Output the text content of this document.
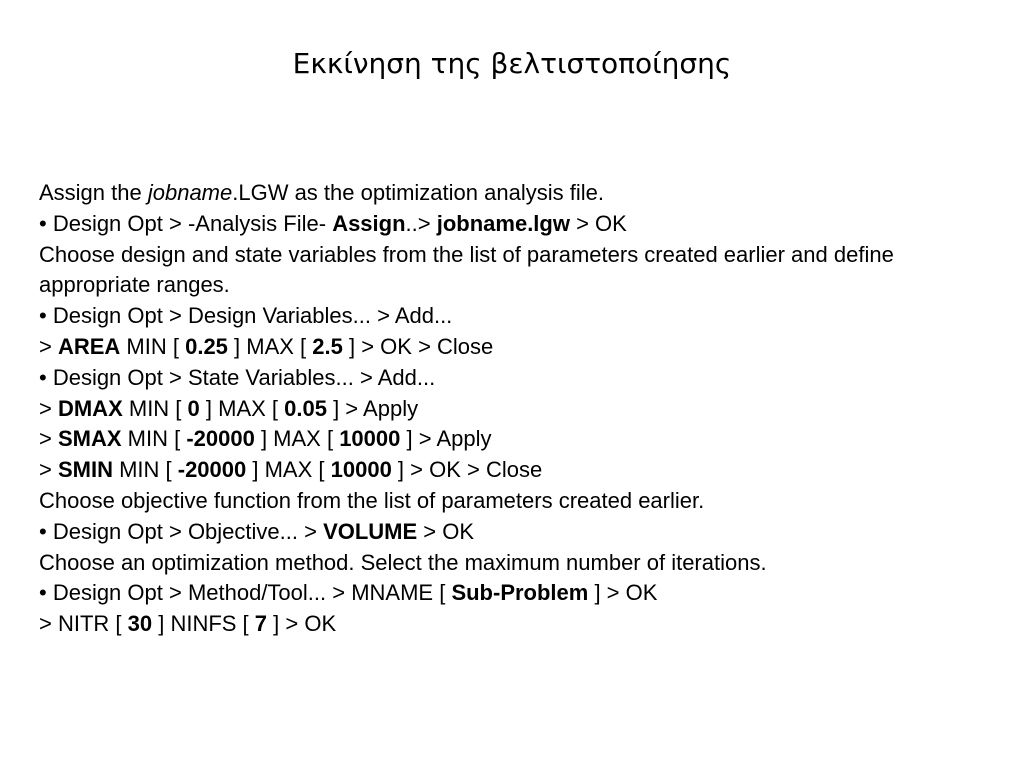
Εκκίνηση της βελτιστοποίησης
Assign the jobname.LGW as the optimization analysis file.
• Design Opt > -Analysis File- Assign..> jobname.lgw > OK
Choose design and state variables from the list of parameters created earlier and define
appropriate ranges.
• Design Opt > Design Variables... > Add...
> AREA MIN [ 0.25 ] MAX [ 2.5 ] > OK > Close
• Design Opt > State Variables... > Add...
> DMAX MIN [ 0 ] MAX [ 0.05 ] > Apply
> SMAX MIN [ -20000 ] MAX [ 10000 ] > Apply
> SMIN MIN [ -20000 ] MAX [ 10000 ] > OK > Close
Choose objective function from the list of parameters created earlier.
• Design Opt > Objective... > VOLUME > OK
Choose an optimization method. Select the maximum number of iterations.
• Design Opt > Method/Tool... > MNAME [ Sub-Problem ] > OK
> NITR [ 30 ] NINFS [ 7 ] > OK
